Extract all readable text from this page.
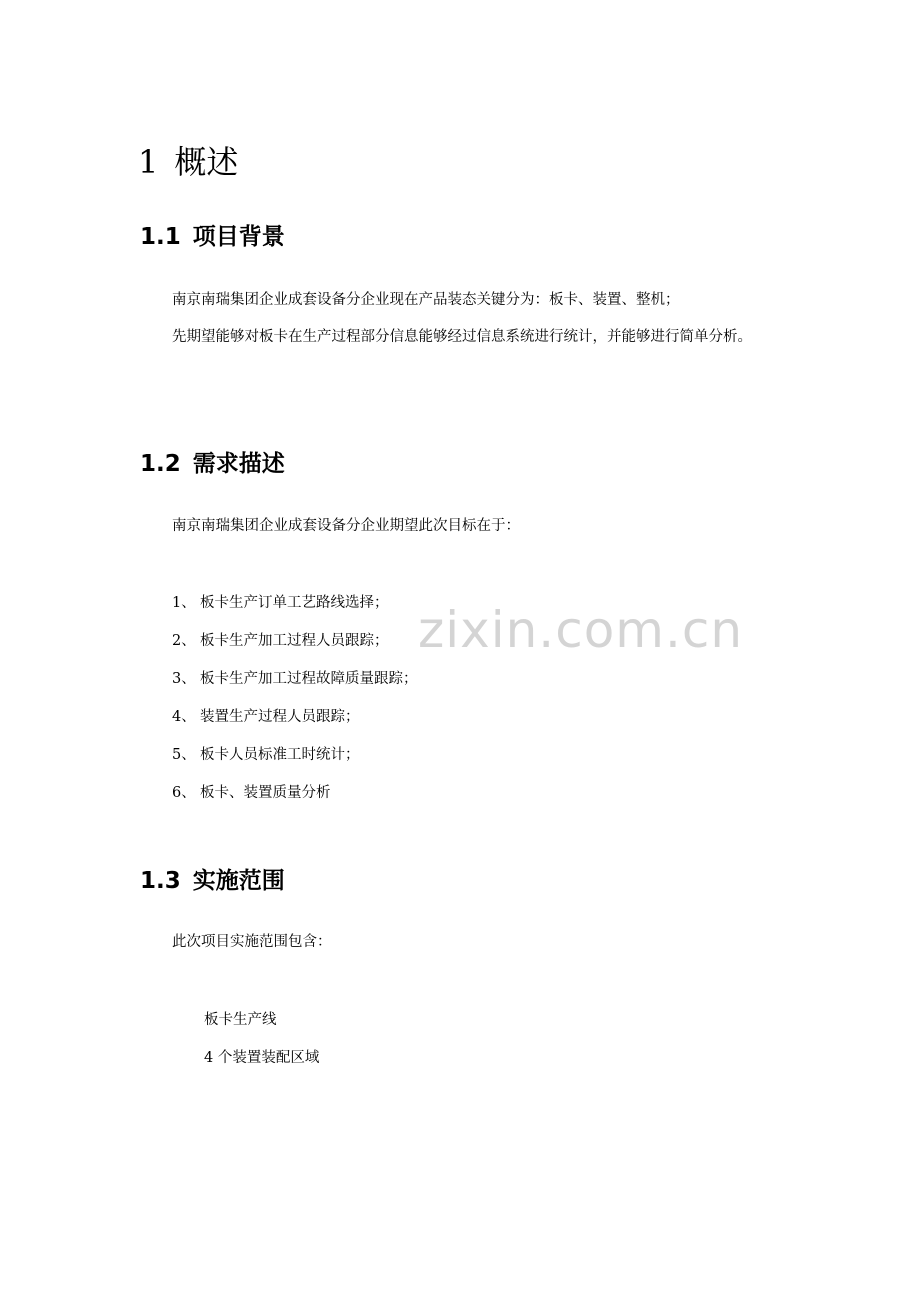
1 概述
1.1 项目背景
南京南瑞集团企业成套设备分企业现在产品装态关键分为：板卡、装置、整机；
先期望能够对板卡在生产过程部分信息能够经过信息系统进行统计，并能够进行简单分析。
1.2 需求描述
南京南瑞集团企业成套设备分企业期望此次目标在于：
1、 板卡生产订单工艺路线选择；
2、 板卡生产加工过程人员跟踪；
3、 板卡生产加工过程故障质量跟踪；
4、 装置生产过程人员跟踪；
5、 板卡人员标准工时统计；
6、 板卡、装置质量分析
1.3 实施范围
此次项目实施范围包含：
板卡生产线
4 个装置装配区域
zixin.com.cn
